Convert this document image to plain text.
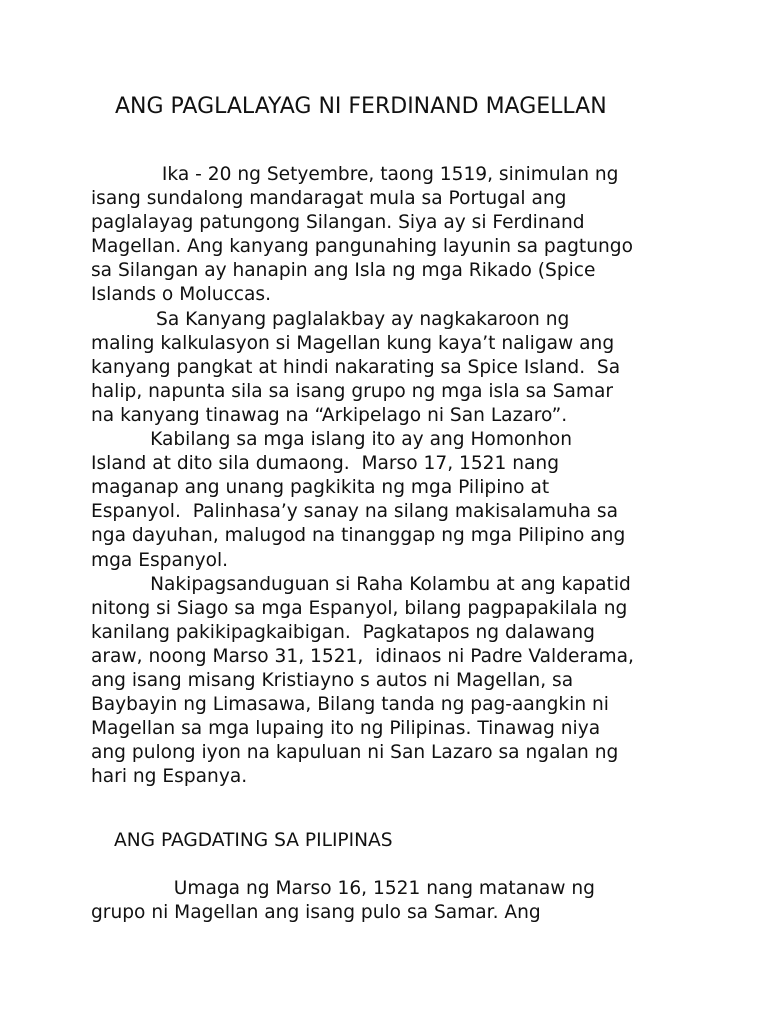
ANG PAGLALAYAG NI FERDINAND MAGELLAN
Ika - 20 ng Setyembre, taong 1519, sinimulan ng
isang sundalong mandaragat mula sa Portugal ang
paglalayag patungong Silangan. Siya ay si Ferdinand
Magellan. Ang kanyang pangunahing layunin sa pagtungo
sa Silangan ay hanapin ang Isla ng mga Rikado (Spice
Islands o Moluccas.
Sa Kanyang paglalakbay ay nagkakaroon ng
maling kalkulasyon si Magellan kung kaya’t naligaw ang
kanyang pangkat at hindi nakarating sa Spice Island.  Sa
halip, napunta sila sa isang grupo ng mga isla sa Samar
na kanyang tinawag na “Arkipelago ni San Lazaro”.
Kabilang sa mga islang ito ay ang Homonhon
Island at dito sila dumaong.  Marso 17, 1521 nang
maganap ang unang pagkikita ng mga Pilipino at
Espanyol.  Palinhasa’y sanay na silang makisalamuha sa
nga dayuhan, malugod na tinanggap ng mga Pilipino ang
mga Espanyol.
Nakipagsanduguan si Raha Kolambu at ang kapatid
nitong si Siago sa mga Espanyol, bilang pagpapakilala ng
kanilang pakikipagkaibigan.  Pagkatapos ng dalawang
araw, noong Marso 31, 1521,  idinaos ni Padre Valderama,
ang isang misang Kristiayno s autos ni Magellan, sa
Baybayin ng Limasawa, Bilang tanda ng pag-aangkin ni
Magellan sa mga lupaing ito ng Pilipinas. Tinawag niya
ang pulong iyon na kapuluan ni San Lazaro sa ngalan ng
hari ng Espanya.
ANG PAGDATING SA PILIPINAS
Umaga ng Marso 16, 1521 nang matanaw ng
grupo ni Magellan ang isang pulo sa Samar. Ang
